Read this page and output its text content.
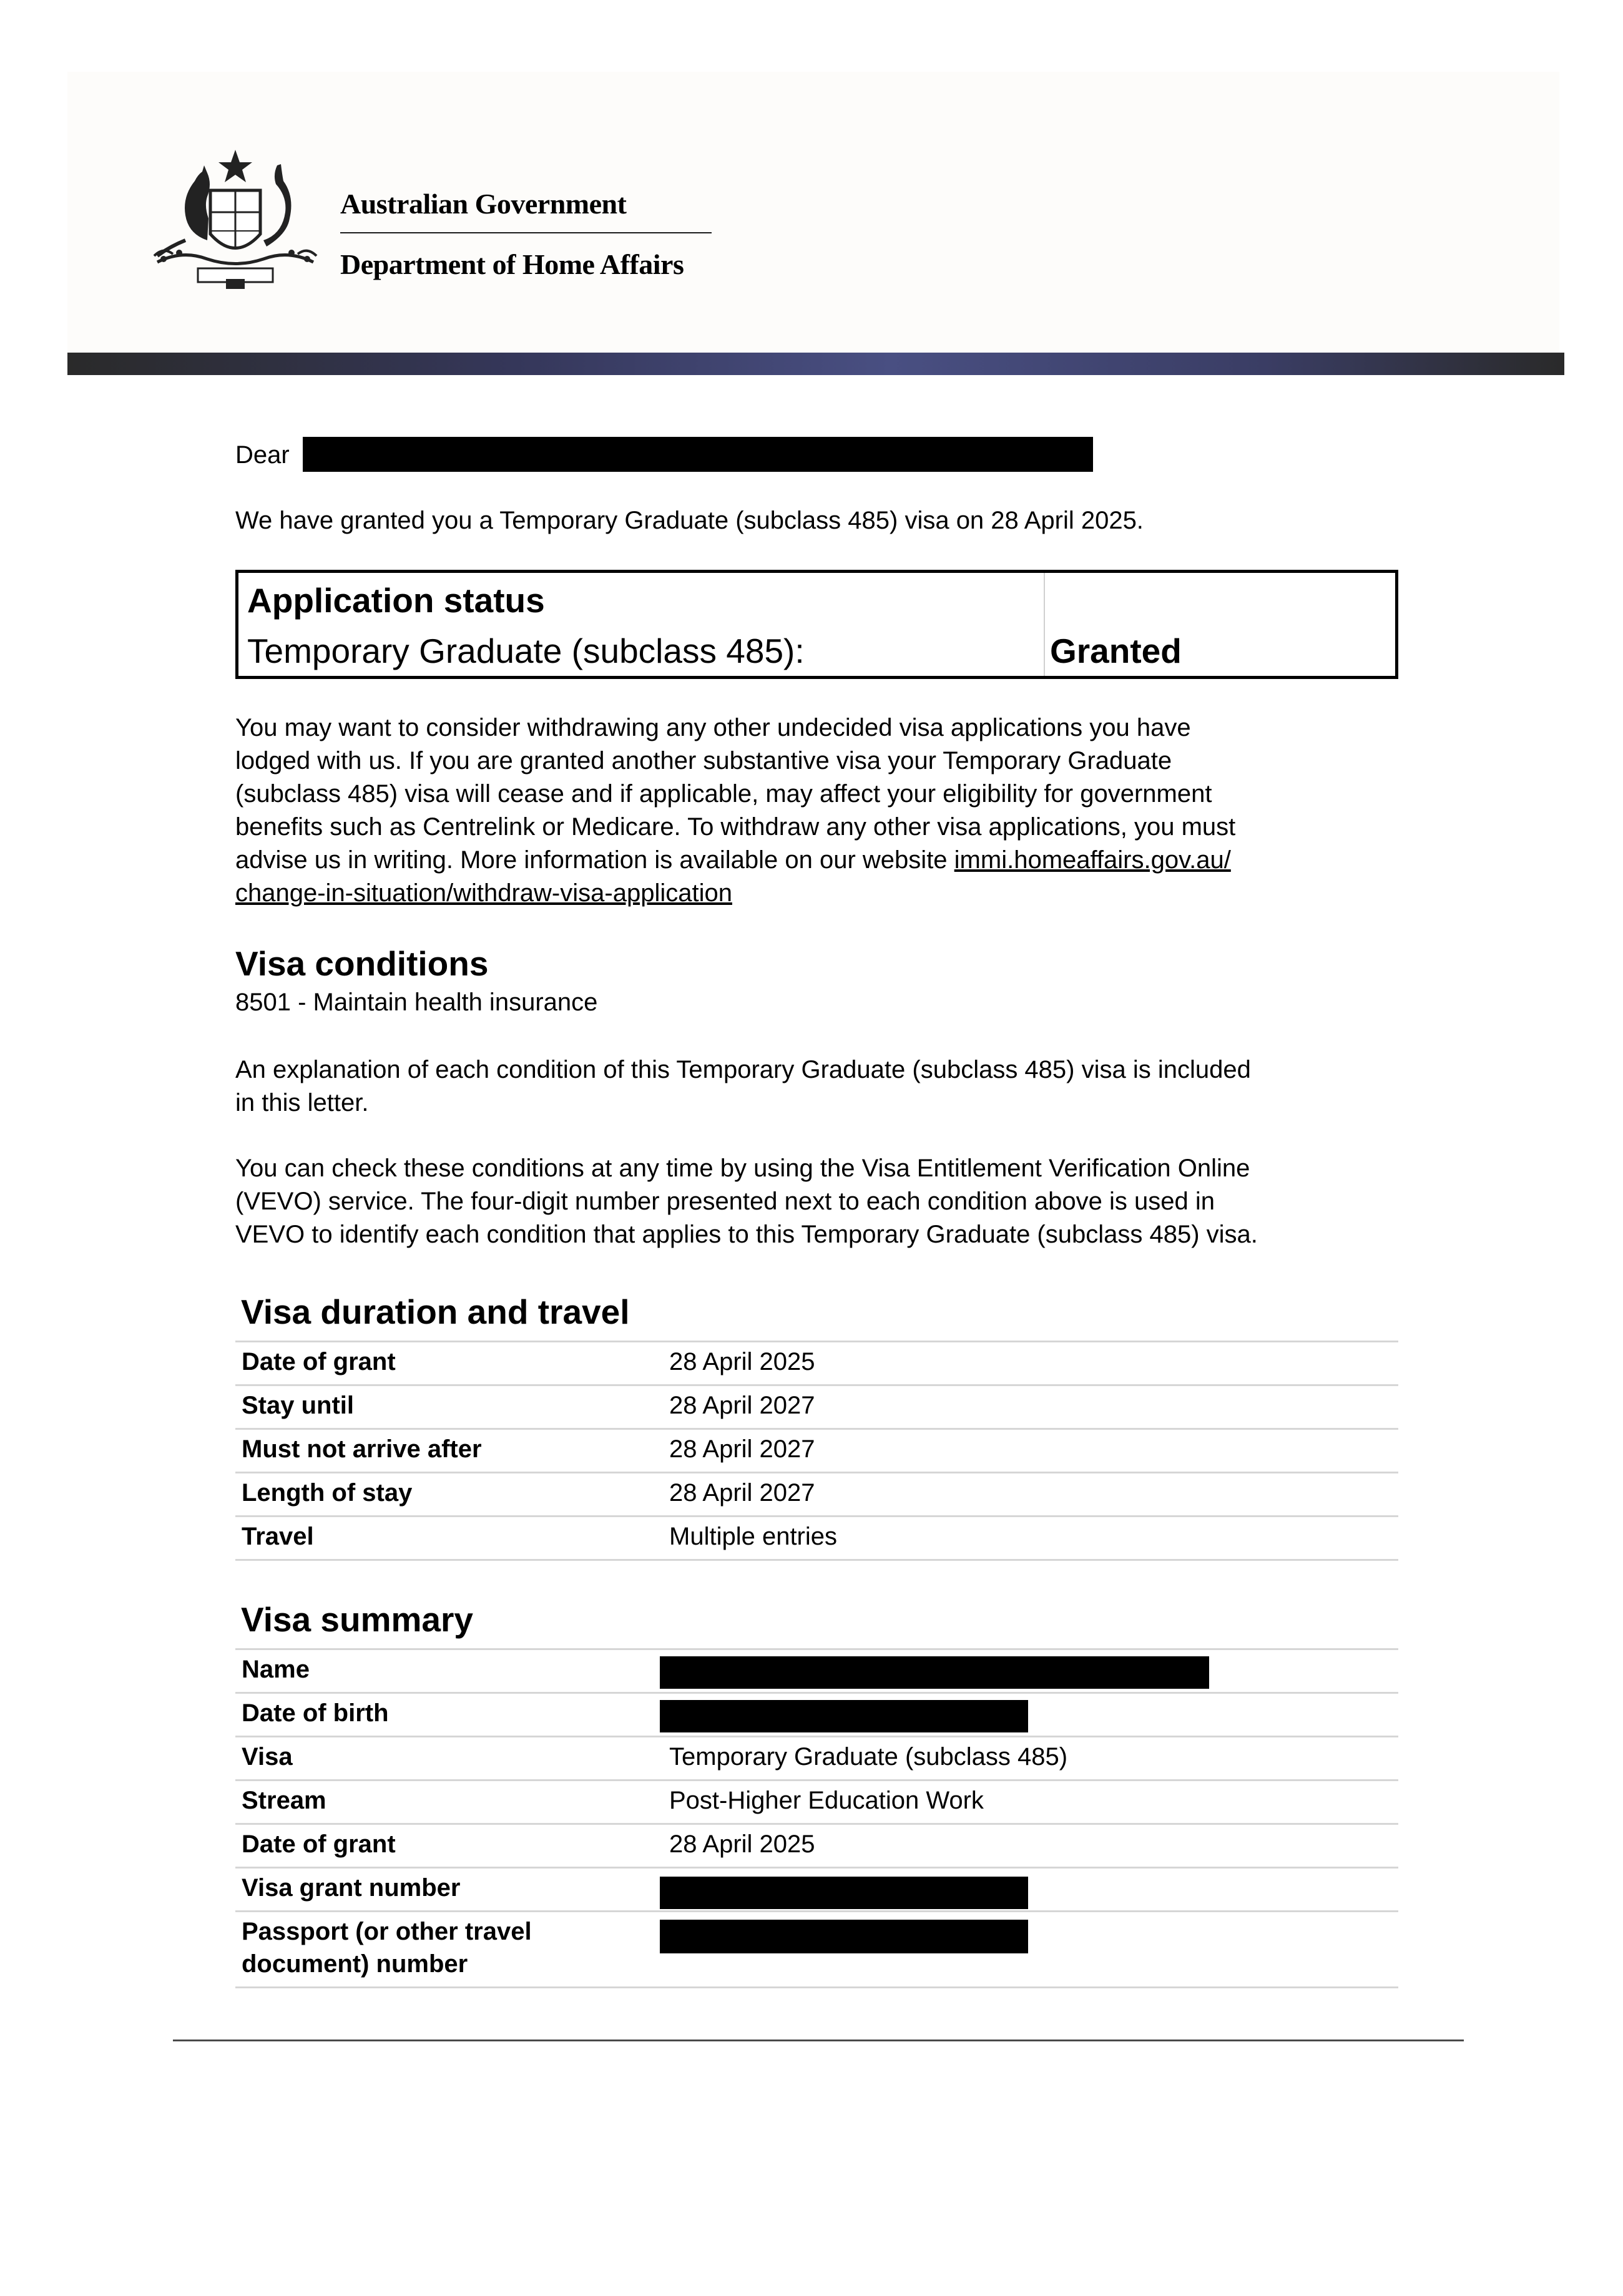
Australian Government
Department of Home Affairs
Dear
We have granted you a Temporary Graduate (subclass 485) visa on 28 April 2025.
Application status
Temporary Graduate (subclass 485):	Granted
You may want to consider withdrawing any other undecided visa applications you have
lodged with us. If you are granted another substantive visa your Temporary Graduate
(subclass 485) visa will cease and if applicable, may affect your eligibility for government
benefits such as Centrelink or Medicare. To withdraw any other visa applications, you must
advise us in writing. More information is available on our website immi.homeaffairs.gov.au/
change-in-situation/withdraw-visa-application
Visa conditions
8501 - Maintain health insurance
An explanation of each condition of this Temporary Graduate (subclass 485) visa is included
in this letter.
You can check these conditions at any time by using the Visa Entitlement Verification Online
(VEVO) service. The four-digit number presented next to each condition above is used in
VEVO to identify each condition that applies to this Temporary Graduate (subclass 485) visa.
Visa duration and travel
Date of grant	28 April 2025
Stay until	28 April 2027
Must not arrive after	28 April 2027
Length of stay	28 April 2027
Travel	Multiple entries
Visa summary
Name
Date of birth
Visa	Temporary Graduate (subclass 485)
Stream	Post-Higher Education Work
Date of grant	28 April 2025
Visa grant number
Passport (or other travel
document) number
